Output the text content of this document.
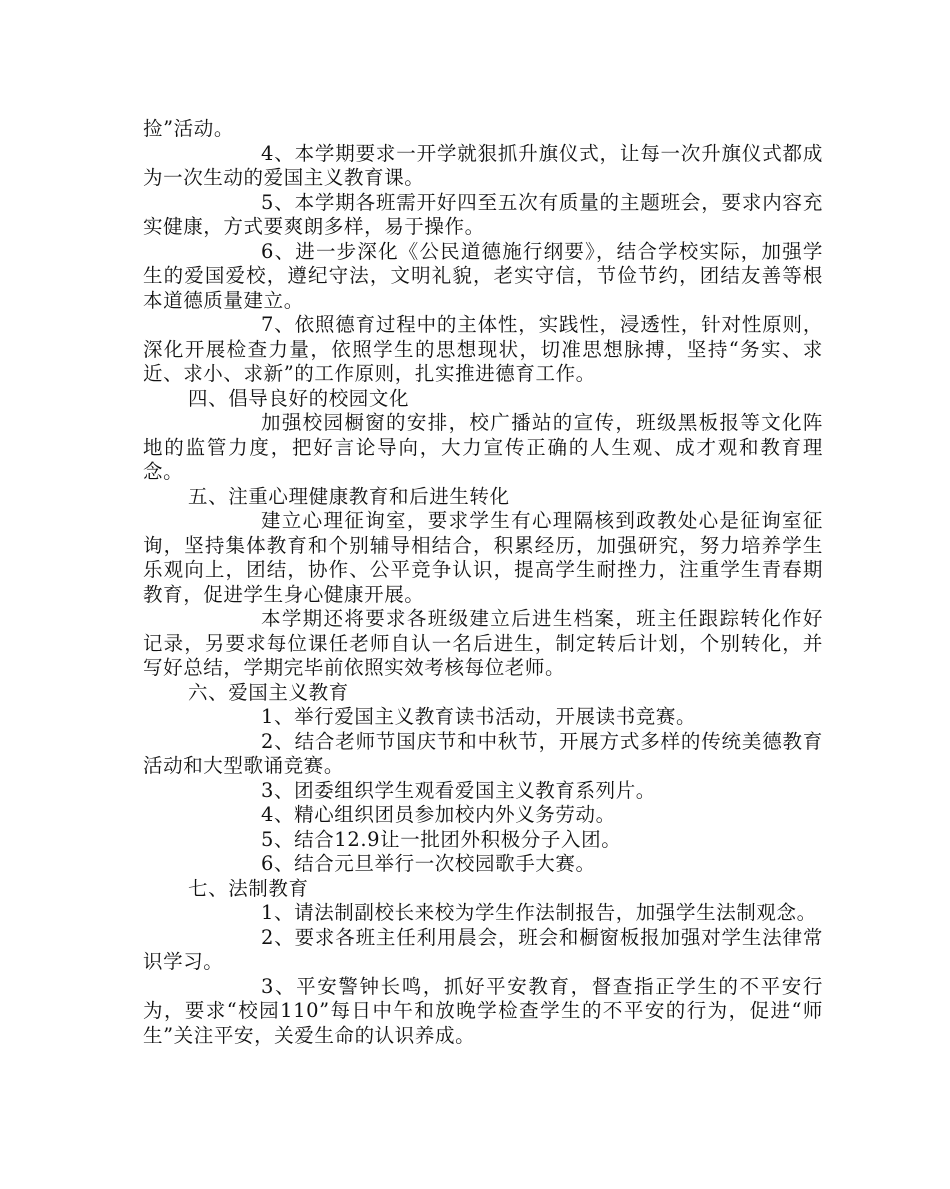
捡”活动。

4、本学期要求一开学就狠抓升旗仪式，让每一次升旗仪式都成为一次生动的爱国主义教育课。

5、本学期各班需开好四至五次有质量的主题班会，要求内容充实健康，方式要爽朗多样，易于操作。

6、进一步深化《公民道德施行纲要》，结合学校实际，加强学生的爱国爱校，遵纪守法，文明礼貌，老实守信，节俭节约，团结友善等根本道德质量建立。

7、依照德育过程中的主体性，实践性，浸透性，针对性原则，深化开展检查力量，依照学生的思想现状，切准思想脉搏，坚持“务实、求近、求小、求新”的工作原则，扎实推进德育工作。

四、倡导良好的校园文化

加强校园橱窗的安排，校广播站的宣传，班级黑板报等文化阵地的监管力度，把好言论导向，大力宣传正确的人生观、成才观和教育理念。

五、注重心理健康教育和后进生转化

建立心理征询室，要求学生有心理隔核到政教处心是征询室征询，坚持集体教育和个别辅导相结合，积累经历，加强研究，努力培养学生乐观向上，团结，协作、公平竞争认识，提高学生耐挫力，注重学生青春期教育，促进学生身心健康开展。

本学期还将要求各班级建立后进生档案，班主任跟踪转化作好记录，另要求每位课任老师自认一名后进生，制定转后计划，个别转化，并写好总结，学期完毕前依照实效考核每位老师。

六、爱国主义教育

1、举行爱国主义教育读书活动，开展读书竞赛。

2、结合老师节国庆节和中秋节，开展方式多样的传统美德教育活动和大型歌诵竞赛。

3、团委组织学生观看爱国主义教育系列片。

4、精心组织团员参加校内外义务劳动。

5、结合12.9让一批团外积极分子入团。

6、结合元旦举行一次校园歌手大赛。

七、法制教育

1、请法制副校长来校为学生作法制报告，加强学生法制观念。

2、要求各班主任利用晨会，班会和橱窗板报加强对学生法律常识学习。

3、平安警钟长鸣，抓好平安教育，督查指正学生的不平安行为，要求“校园110”每日中午和放晚学检查学生的不平安的行为，促进“师生”关注平安，关爱生命的认识养成。
